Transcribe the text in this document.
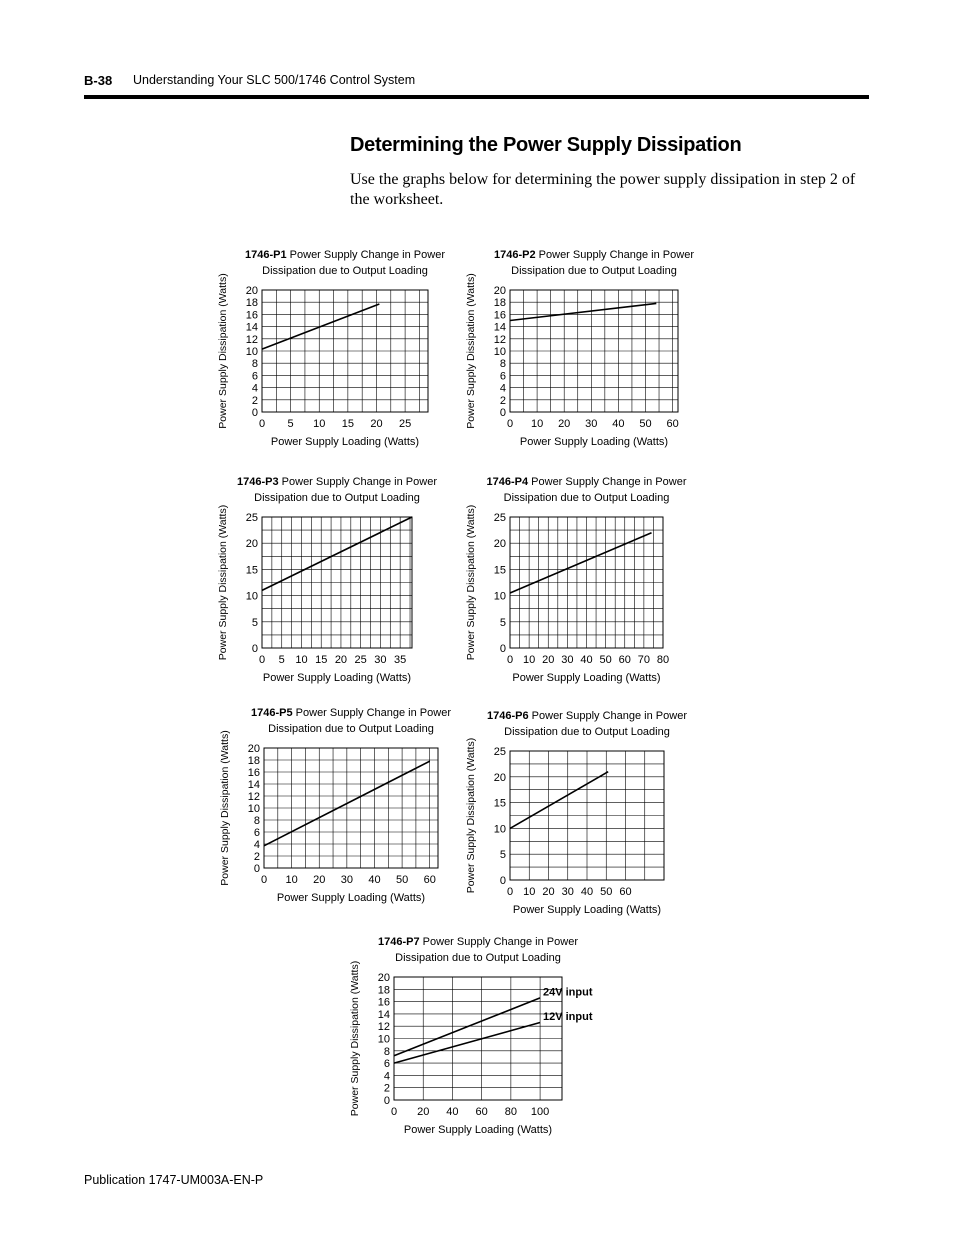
B-38 Understanding Your SLC 500/1746 Control System
Determining the Power Supply Dissipation
Use the graphs below for determining the power supply dissipation in step 2 of the worksheet.
1746-P1 Power Supply Change in Power
Dissipation due to Output Loading
0 5 10 15 20 25
0
2
4
6
8
10
12
14
16
18
20
Power Supply Loading (Watts)
Power Supply Dissipation (Watts)
1746-P2 Power Supply Change in Power
Dissipation due to Output Loading
0 10 20 30 40 50 60
0
2
4
6
8
10
12
14
16
18
20
Power Supply Loading (Watts)
Power Supply Dissipation (Watts)
1746-P3 Power Supply Change in Power
Dissipation due to Output Loading
0 5 10 15 20 25 30 35
0
5
10
15
20
25
Power Supply Loading (Watts)
Power Supply Dissipation (Watts)
1746-P4 Power Supply Change in Power
Dissipation due to Output Loading
0 10 20 30 40 50 60 70 80
0
5
10
15
20
25
Power Supply Loading (Watts)
Power Supply Dissipation (Watts)
1746-P5 Power Supply Change in Power
Dissipation due to Output Loading
0 10 20 30 40 50 60
0
2
4
6
8
10
12
14
16
18
20
Power Supply Loading (Watts)
Power Supply Dissipation (Watts)
1746-P6 Power Supply Change in Power
Dissipation due to Output Loading
0 10 20 30 40 50 60
0
5
10
15
20
25
Power Supply Loading (Watts)
Power Supply Dissipation (Watts)
1746-P7 Power Supply Change in Power
Dissipation due to Output Loading
0 20 40 60 80 100
0
2
4
6
8
10
12
14
16
18
20
Power Supply Loading (Watts)
Power Supply Dissipation (Watts)	24V input
12V input
Publication 1747-UM003A-EN-P
